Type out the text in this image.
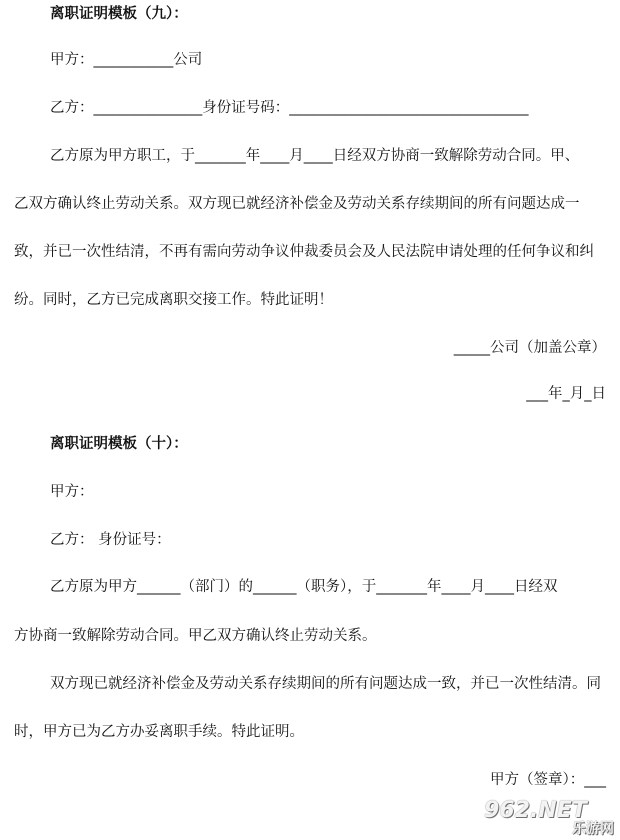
离职证明模板（九）：
甲方：___________公司
乙方：_______________身份证号码：_________________________________
乙方原为甲方职工，于_______年____月____日经双方协商一致解除劳动合同。甲、
乙双方确认终止劳动关系。双方现已就经济补偿金及劳动关系存续期间的所有问题达成一
致，并已一次性结清，不再有需向劳动争议仲裁委员会及人民法院申请处理的任何争议和纠
纷。同时，乙方已完成离职交接工作。特此证明！
_____公司（加盖公章）
___年_月_日
离职证明模板（十）：
甲方：
乙方： 身份证号：
乙方原为甲方______（部门）的______（职务），于_______年____月____日经双
方协商一致解除劳动合同。甲乙双方确认终止劳动关系。
双方现已就经济补偿金及劳动关系存续期间的所有问题达成一致，并已一次性结清。同
时，甲方已为乙方办妥离职手续。特此证明。
甲方（签章）：___
962.NET
乐游网
